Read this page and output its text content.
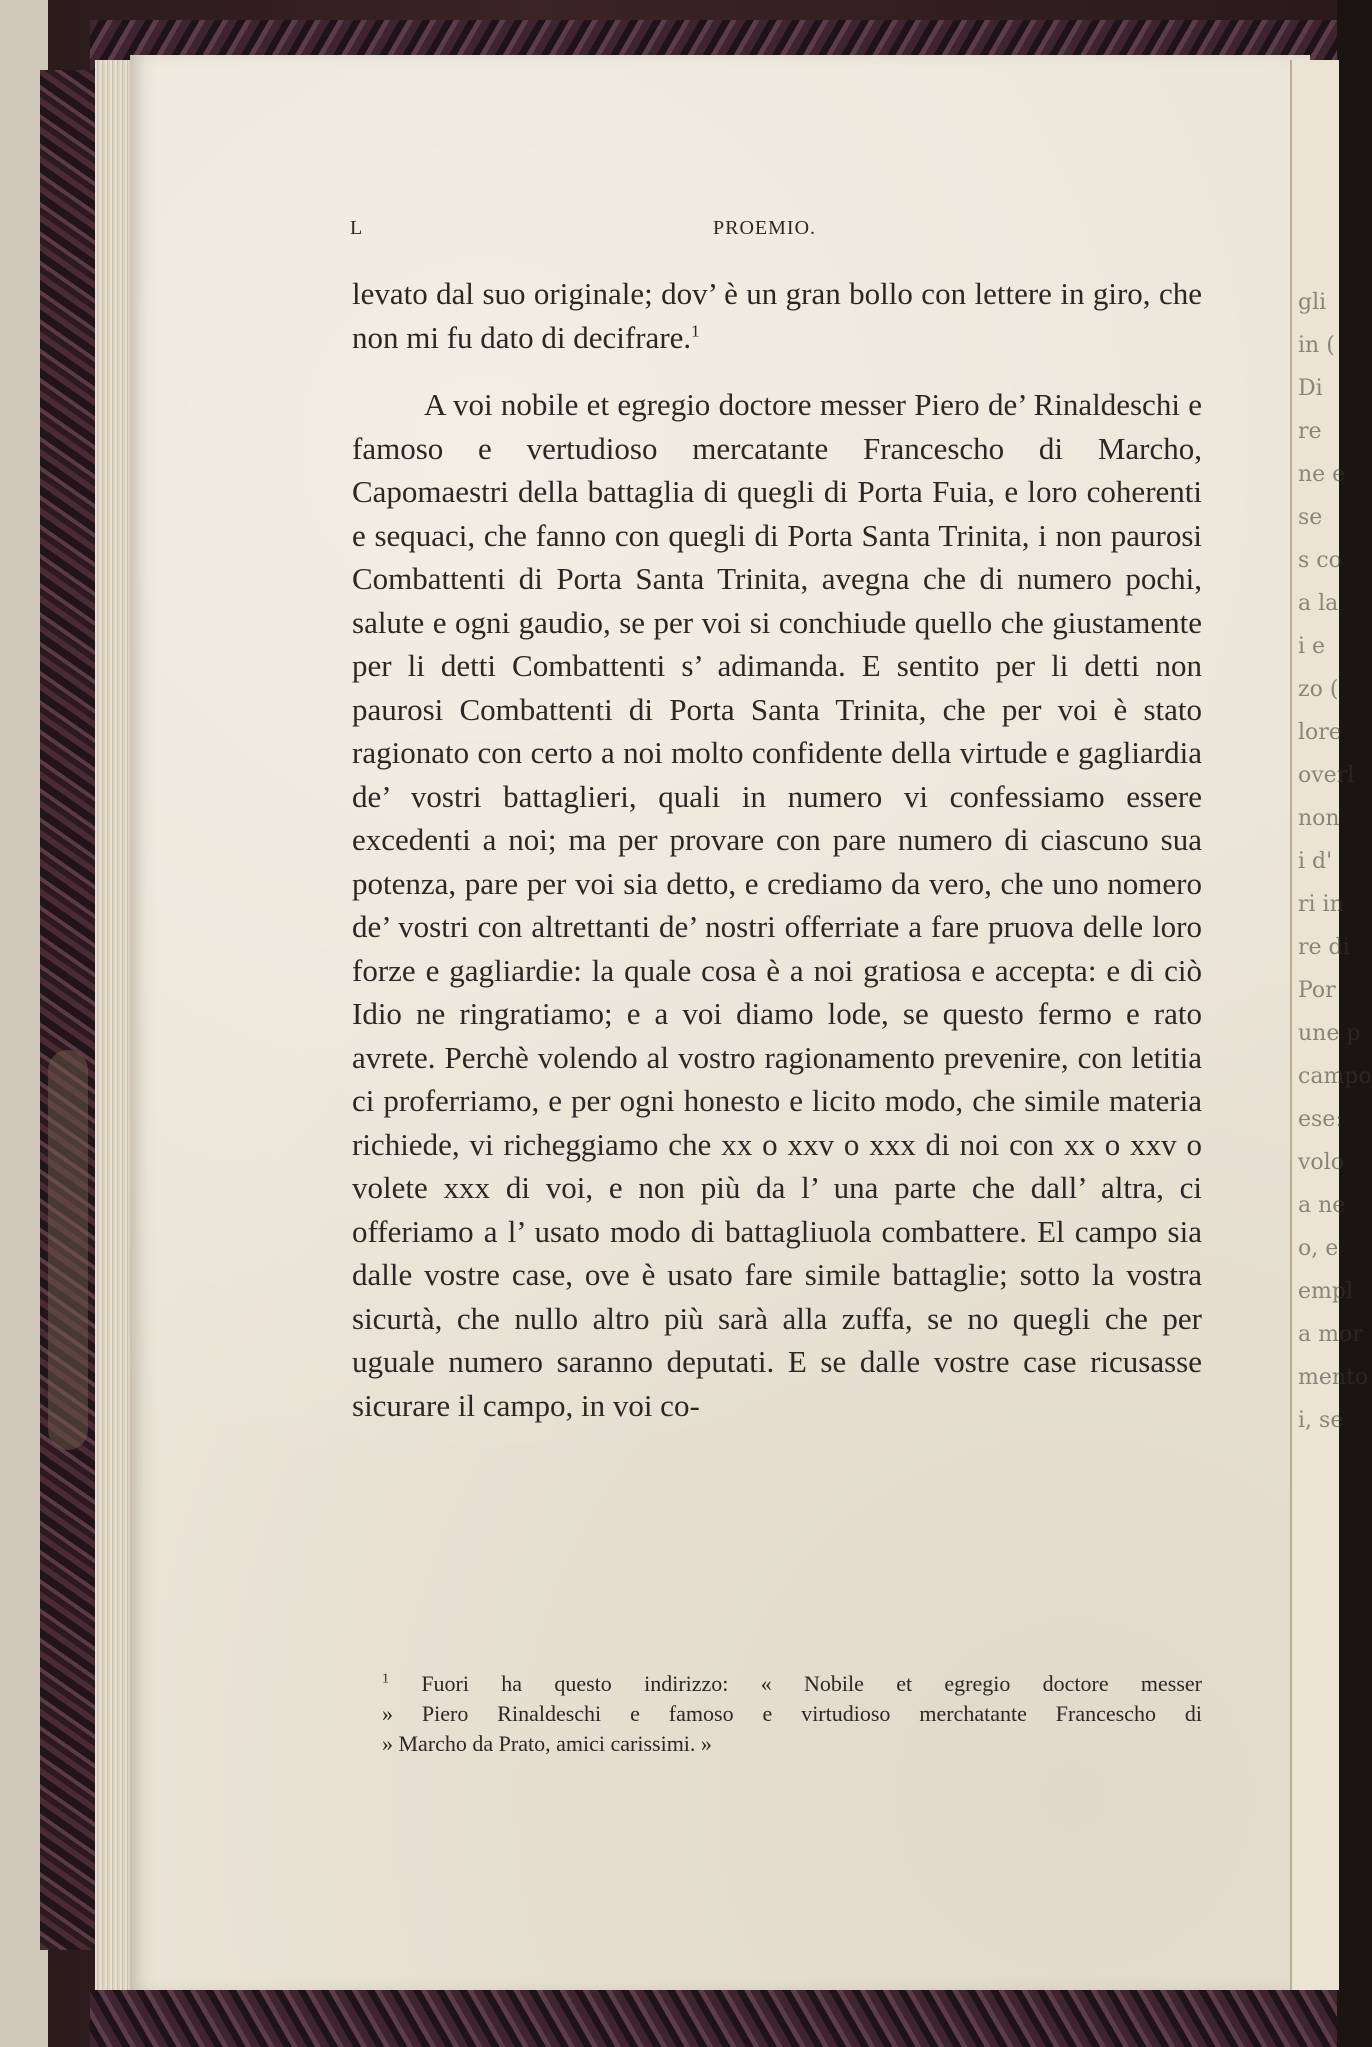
gli
in (
Di
re
ne e
se
s co
a la
i e
zo (
lore
overl
non
i d'
ri in
re di
Por
une p
campo
ese:
volo
a ne
o, e
empl
a mor
mento
i, se
L	PROEMIO.

levato dal suo originale; dov’ è un gran bollo con lettere in giro, che non mi fu dato di decifrare.$^1$

A voi nobile et egregio doctore messer Piero de’ Rinaldeschi e famoso e vertudioso mercatante Francescho di Marcho, Capomaestri della battaglia di quegli di Porta Fuia, e loro coherenti e sequaci, che fanno con quegli di Porta Santa Trinita, i non paurosi Combattenti di Porta Santa Trinita, avegna che di numero pochi, salute e ogni gaudio, se per voi si conchiude quello che giustamente per li detti Combattenti s’ adimanda. E sentito per li detti non paurosi Combattenti di Porta Santa Trinita, che per voi è stato ragionato con certo a noi molto confidente della virtude e gagliardia de’ vostri battaglieri, quali in numero vi confessiamo essere excedenti a noi; ma per provare con pare numero di ciascuno sua potenza, pare per voi sia detto, e crediamo da vero, che uno nomero de’ vostri con altrettanti de’ nostri offerriate a fare pruova delle loro forze e gagliardie: la quale cosa è a noi gratiosa e accepta: e di ciò Idio ne ringratiamo; e a voi diamo lode, se questo fermo e rato avrete. Perchè volendo al vostro ragionamento prevenire, con letitia ci proferriamo, e per ogni honesto e licito modo, che simile materia richiede, vi richeggiamo che xx o xxv o xxx di noi con xx o xxv o volete xxx di voi, e non più da l’ una parte che dall’ altra, ci offeriamo a l’ usato modo di battagliuola combattere. El campo sia dalle vostre case, ove è usato fare simile battaglie; sotto la vostra sicurtà, che nullo altro più sarà alla zuffa, se no quegli che per uguale numero saranno deputati. E se dalle vostre case ricusasse sicurare il campo, in voi co-

$^1$ Fuori ha questo indirizzo: « Nobile et egregio doctore messer
» Piero Rinaldeschi e famoso e virtudioso merchatante Francescho di
» Marcho da Prato, amici carissimi. »
